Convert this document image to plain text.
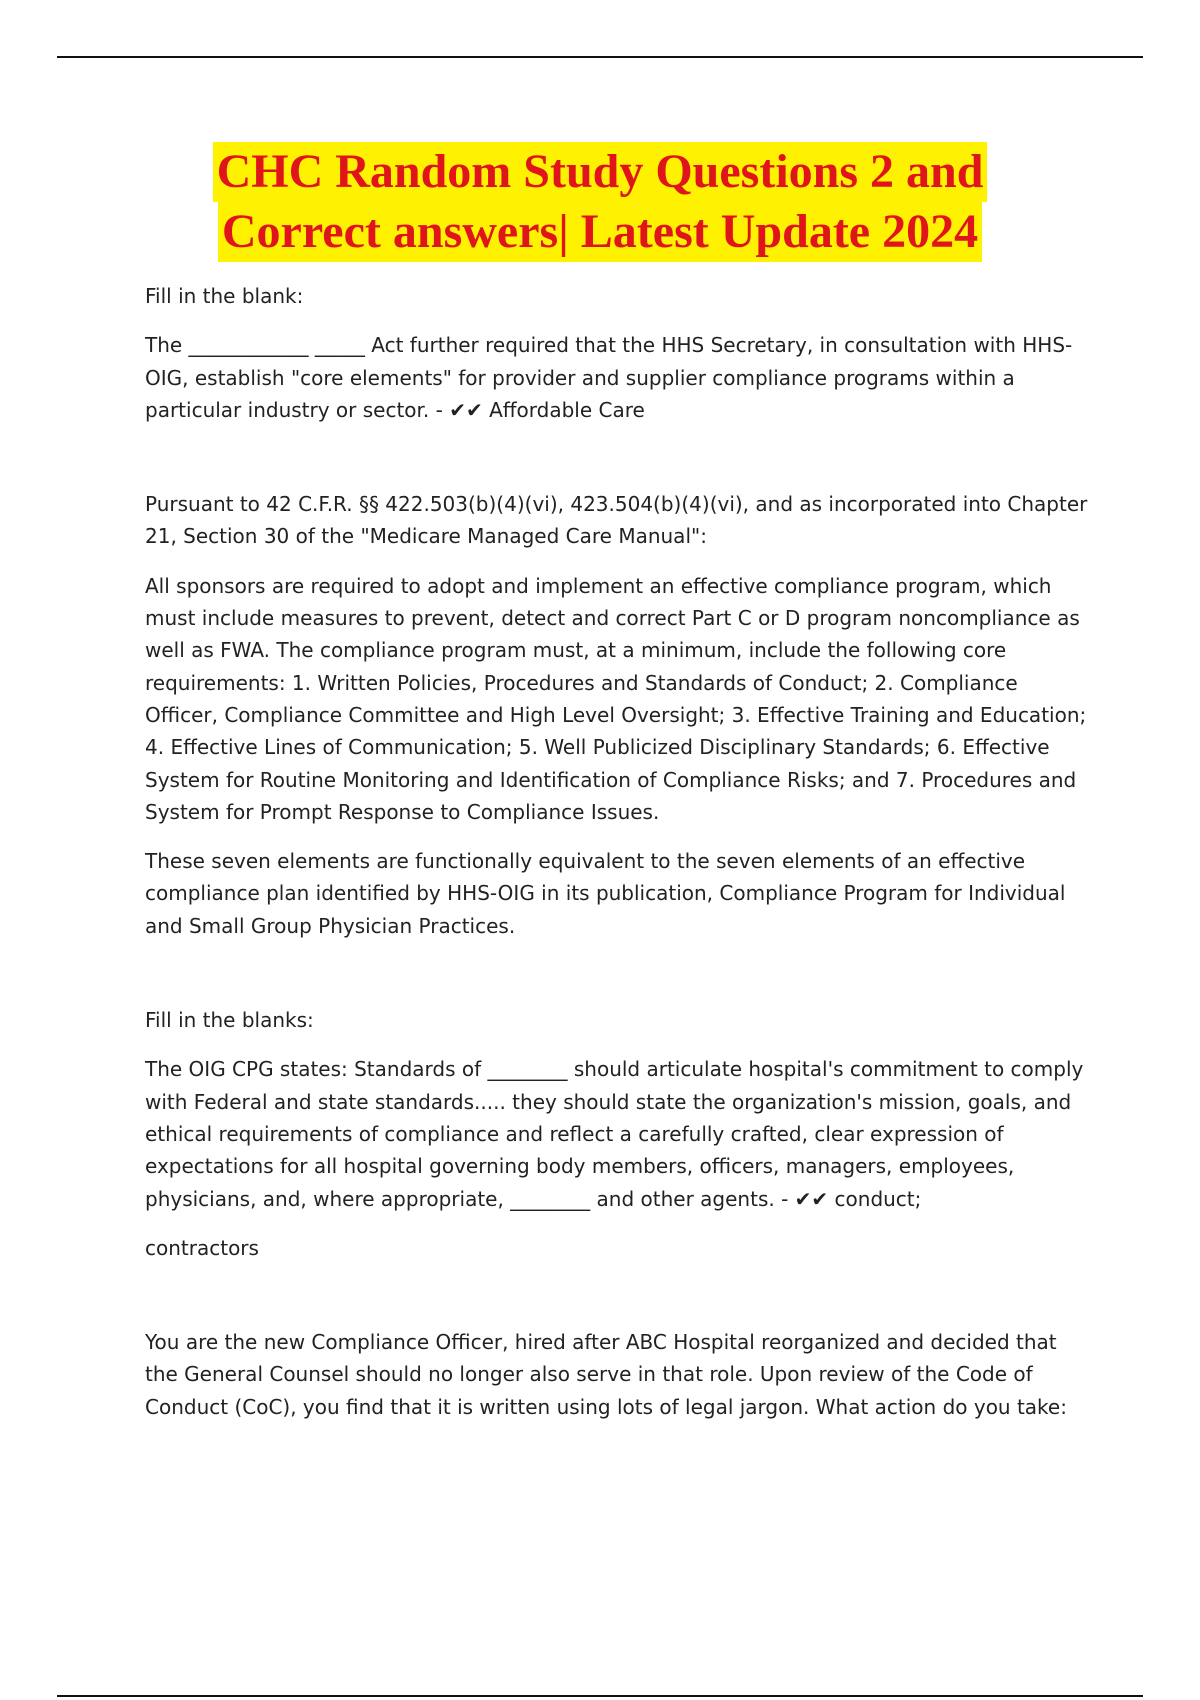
CHC Random Study Questions 2 and
Correct answers| Latest Update 2024

Fill in the blank:

The ____________ _____ Act further required that the HHS Secretary, in consultation with HHS-OIG, establish "core elements" for provider and supplier compliance programs within a particular industry or sector. - ✔✔ Affordable Care

Pursuant to 42 C.F.R. §§ 422.503(b)(4)(vi), 423.504(b)(4)(vi), and as incorporated into Chapter 21, Section 30 of the "Medicare Managed Care Manual":

All sponsors are required to adopt and implement an effective compliance program, which must include measures to prevent, detect and correct Part C or D program noncompliance as well as FWA. The compliance program must, at a minimum, include the following core requirements: 1. Written Policies, Procedures and Standards of Conduct; 2. Compliance Officer, Compliance Committee and High Level Oversight; 3. Effective Training and Education; 4. Effective Lines of Communication; 5. Well Publicized Disciplinary Standards; 6. Effective System for Routine Monitoring and Identification of Compliance Risks; and 7. Procedures and System for Prompt Response to Compliance Issues.

These seven elements are functionally equivalent to the seven elements of an effective compliance plan identified by HHS-OIG in its publication, Compliance Program for Individual and Small Group Physician Practices.

Fill in the blanks:

The OIG CPG states: Standards of ________ should articulate hospital's commitment to comply with Federal and state standards..... they should state the organization's mission, goals, and ethical requirements of compliance and reflect a carefully crafted, clear expression of expectations for all hospital governing body members, officers, managers, employees, physicians, and, where appropriate, ________ and other agents. - ✔✔ conduct;

contractors

You are the new Compliance Officer, hired after ABC Hospital reorganized and decided that the General Counsel should no longer also serve in that role. Upon review of the Code of Conduct (CoC), you find that it is written using lots of legal jargon. What action do you take:
